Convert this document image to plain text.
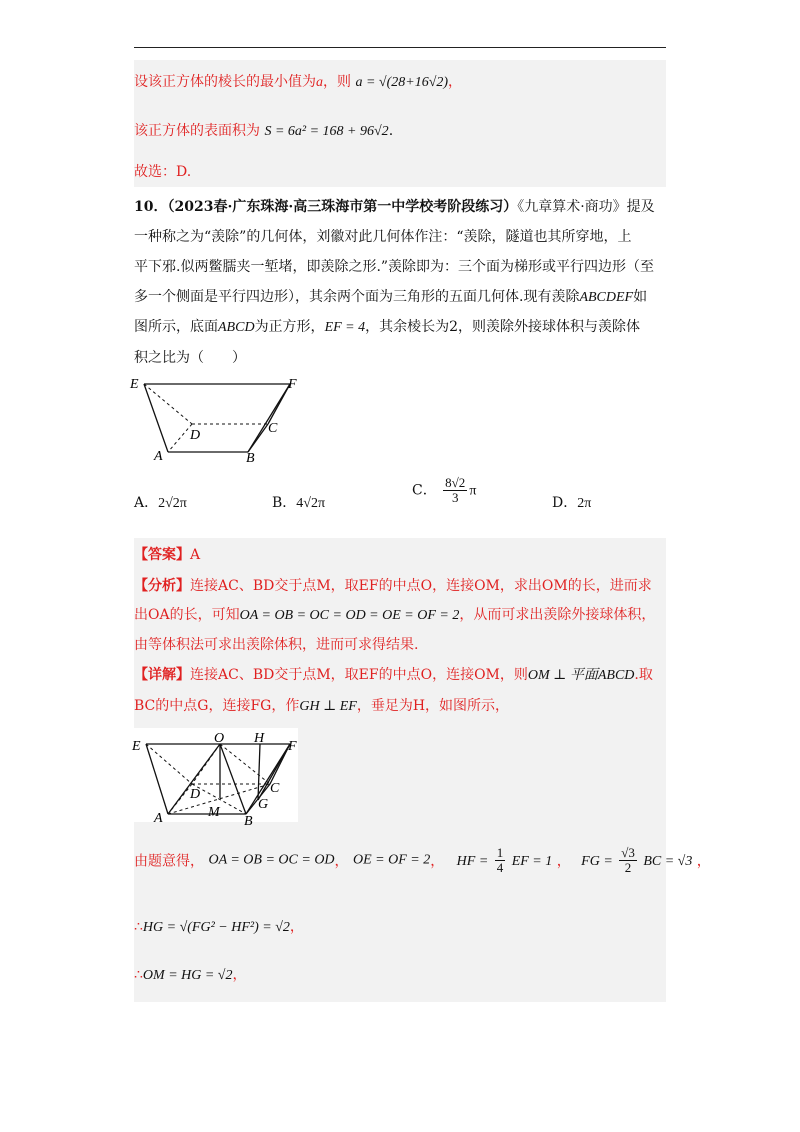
设该正方体的棱长的最小值为a，则 a = √(28+16√2)，
该正方体的表面积为 S = 6a² = 168 + 96√2.
故选：D.
10．（2023春·广东珠海·高三珠海市第一中学校考阶段练习）《九章算术·商功》提及
一种称之为“羡除”的几何体，刘徽对此几何体作注：“羡除，隧道也其所穿地，上
平下邪.似两鳖臑夹一堑堵，即羡除之形.”羡除即为：三个面为梯形或平行四边形（至
多一个侧面是平行四边形），其余两个面为三角形的五面几何体.现有羡除ABCDEF如
图所示，底面ABCD为正方形，EF = 4，其余棱长为2，则羡除外接球体积与羡除体
积之比为（　　）
E	F
D	C
A	B
A．2√2π	B．4√2π
C． $\frac{8√2}{3}$ π
D．2π
【答案】A
【分析】连接AC、BD交于点M，取EF的中点O，连接OM，求出OM的长，进而求
出OA的长，可知OA = OB = OC = OD = OE = OF = 2，从而可求出羡除外接球体积，
由等体积法可求出羡除体积，进而可求得结果.
【详解】连接AC、BD交于点M，取EF的中点O，连接OM，则OM ⊥ 平面ABCD.取
BC的中点G，连接FG，作GH ⊥ EF，垂足为H，如图所示，
E
O H
F
D	C
G
M
A	B
由题意得， OA = OB = OC = OD， OE = OF = 2， HF = $\frac{1}{4}$ EF = 1 ， FG = $\frac{√3}{2}$ BC = √3 ，
∴HG = √(FG² − HF²) = √2，
∴OM = HG = √2，
